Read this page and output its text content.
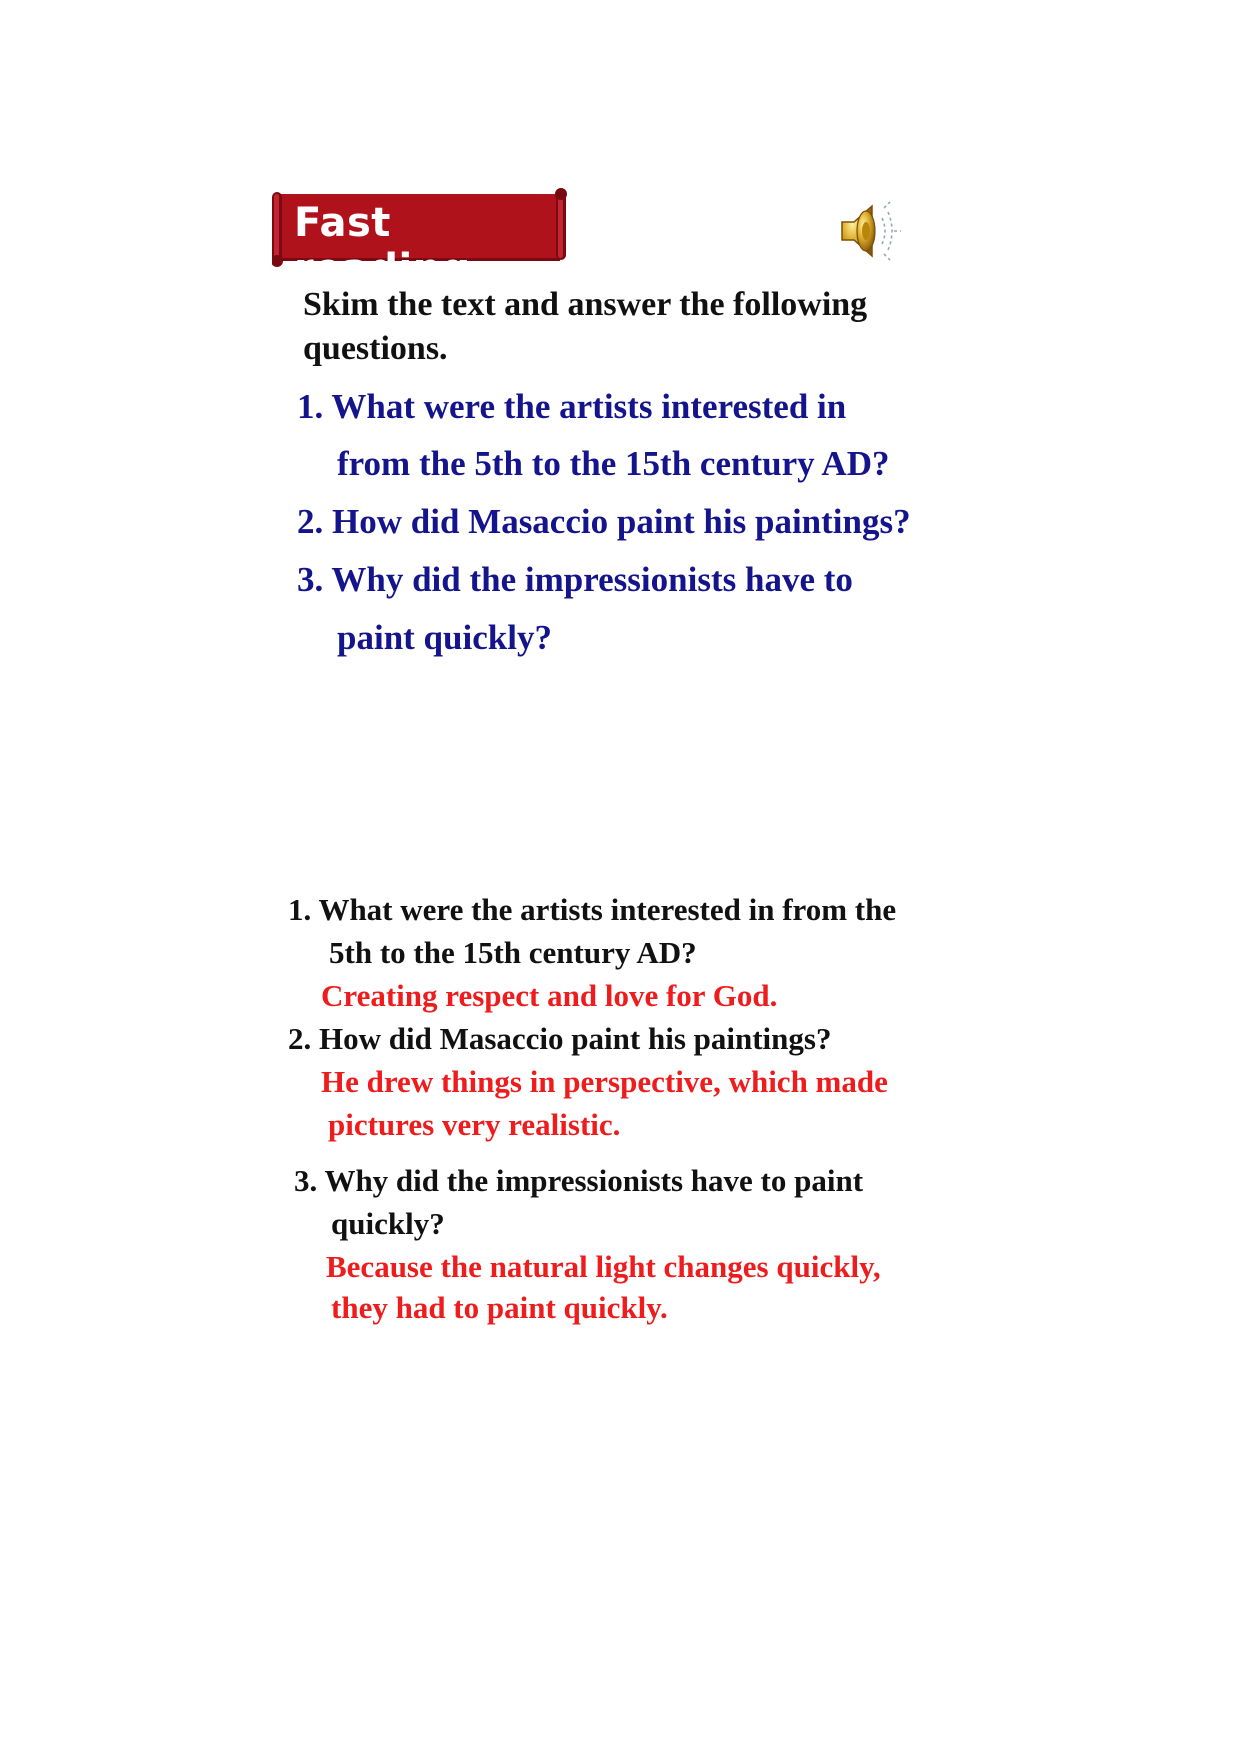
Fast reading
Skim the text and answer the following
questions.
1. What were the artists interested in
from the 5th to the 15th century AD?
2. How did Masaccio paint his paintings?
3. Why did the impressionists have to
paint quickly?
1. What were the artists interested in from the
5th to the 15th century AD?
Creating respect and love for God.
2. How did Masaccio paint his paintings?
He drew things in perspective, which made
pictures very realistic.
3. Why did the impressionists have to paint
quickly?
Because the natural light changes quickly,
they had to paint quickly.
